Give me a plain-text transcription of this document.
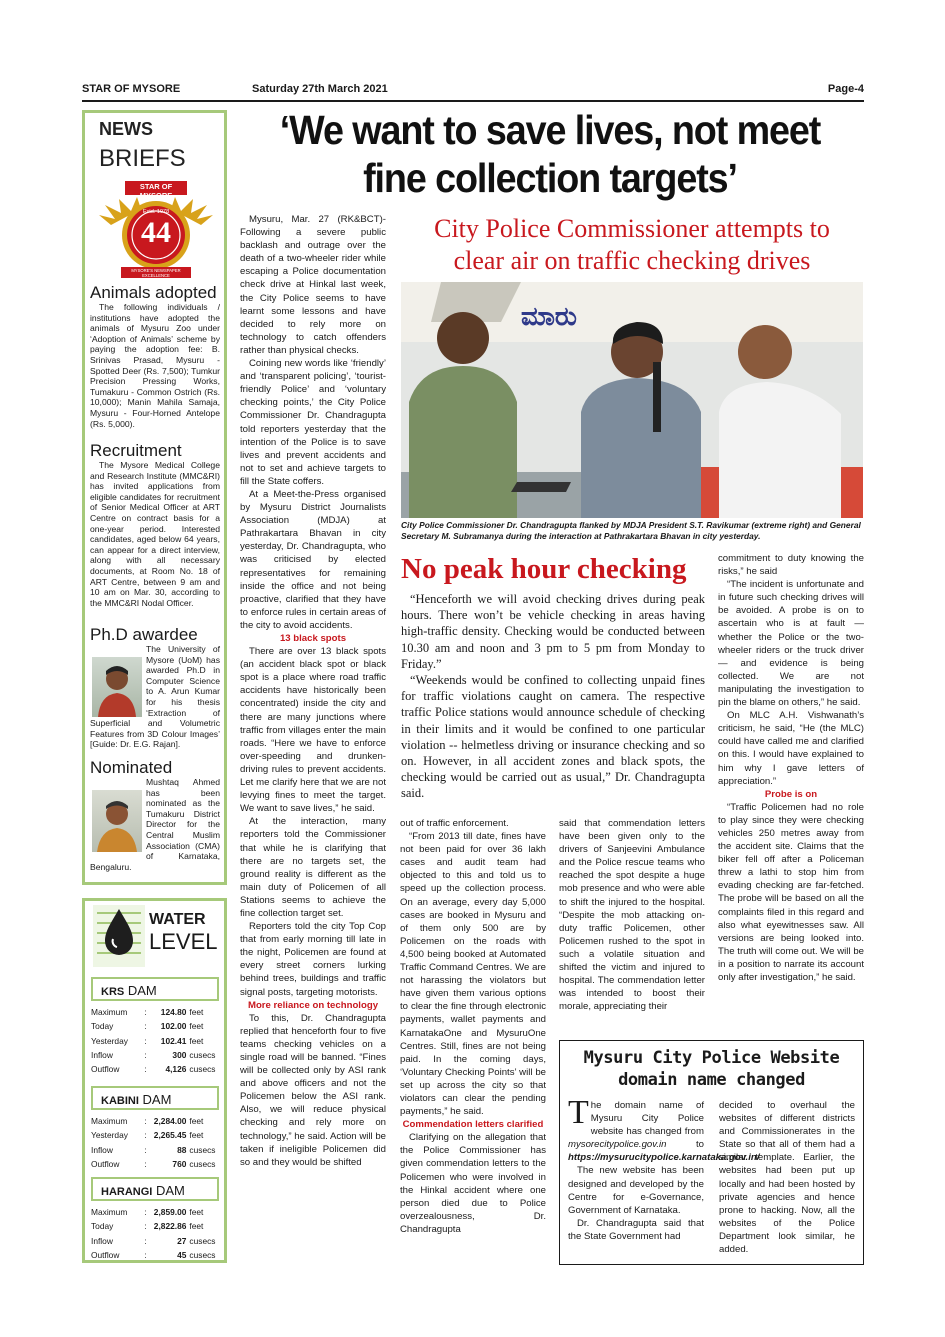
STAR OF MYSORE	Saturday 27th March 2021	Page-4
NEWS
BRIEFS
STAR OF MYSORE
Estd. 1978
44
MYSORE'S NEWSPAPER EXCELLENCE
Animals adopted
The following individuals / institutions have adopted the animals of Mysuru Zoo under ‘Adoption of Animals’ scheme by paying the adoption fee: B. Srinivas Prasad, Mysuru - Spotted Deer (Rs. 7,500); Tumkur Precision Pressing Works, Tumakuru - Common Ostrich (Rs. 10,000); Manin Mahila Samaja, Mysuru - Four-Horned Antelope (Rs. 5,000).
Recruitment
The Mysore Medical College and Research Institute (MMC&RI) has invited applications from eligible candidates for recruitment of Senior Medical Officer at ART Centre on contract basis for a one-year period. Interested candidates, aged below 64 years, can appear for a direct interview, along with all necessary documents, at Room No. 18 of ART Centre, between 9 am and 10 am on Mar. 30, according to the MMC&RI Nodal Officer.
Ph.D awardee
The University of Mysore (UoM) has awarded Ph.D in Computer Science to A. Arun Kumar for his thesis ‘Extraction of Superficial and Volumetric Features from 3D Colour Images’ [Guide: Dr. E.G. Rajan].
Nominated
Mushtaq Ahmed has been nominated as the Tumakuru District Director for the Central Muslim Association (CMA) of Karnataka, Bengaluru.
WATER
LEVEL
KRS DAM
Maximum	:	124.80 feet
Today	:	102.00 feet
Yesterday	:	102.41 feet
Inflow	:	300 cusecs
Outflow	:	4,126 cusecs
KABINI DAM
Maximum	: 2,284.00 feet
Yesterday	: 2,265.45 feet
Inflow	:	88 cusecs
Outflow	:	760 cusecs
HARANGI DAM
Maximum	: 2,859.00 feet
Today	: 2,822.86 feet
Inflow	:	27 cusecs
Outflow	:	45 cusecs
‘We want to save lives, not meet
fine collection targets’
City Police Commissioner attempts to
clear air on traffic checking drives
ಮಾರು
City Police Commissioner Dr. Chandragupta flanked by MDJA President S.T. Ravikumar (extreme right) and General Secretary M. Subramanya during the interaction at Pathrakartara Bhavan in city yesterday.

Mysuru, Mar. 27 (RK&BCT)- Following a severe public backlash and outrage over the death of a two-wheeler rider while escaping a Police documentation check drive at Hinkal last week, the City Police seems to have learnt some lessons and have decided to rely more on technology to catch offenders rather than physical checks.

Coining new words like ‘friendly’ and ‘transparent policing’, ‘tourist-friendly Police’ and ‘voluntary checking points,’ the City Police Commissioner Dr. Chandragupta told reporters yesterday that the intention of the Police is to save lives and prevent accidents and not to set and achieve targets to fill the State coffers.

At a Meet-the-Press organised by Mysuru District Journalists Association (MDJA) at Pathrakartara Bhavan in city yesterday, Dr. Chandragupta, who was criticised by elected representatives for remaining inside the office and not being proactive, clarified that they have to enforce rules in certain areas of the city to avoid accidents.

13 black spots

There are over 13 black spots (an accident black spot or black spot is a place where road traffic accidents have historically been concentrated) inside the city and there are many junctions where traffic from villages enter the main roads. “Here we have to enforce over-speeding and drunken-driving rules to prevent accidents. Let me clarify here that we are not levying fines to meet the target. We want to save lives,” he said.

At the interaction, many reporters told the Commissioner that while he is clarifying that there are no targets set, the ground reality is different as the main duty of Policemen of all Stations seems to achieve the fine collection target set.

Reporters told the city Top Cop that from early morning till late in the night, Policemen are found at every street corners lurking behind trees, buildings and traffic signal posts, targeting motorists.

More reliance on technology

To this, Dr. Chandragupta replied that henceforth four to five teams checking vehicles on a single road will be banned. “Fines will be collected only by ASI rank and above officers and not the Policemen below the ASI rank. Also, we will reduce physical checking and rely more on technology,” he said. Action will be taken if ineligible Policemen did so and they would be shifted

No peak hour checking

“Henceforth we will avoid checking drives during peak hours. There won’t be vehicle checking in areas having high-traffic density. Checking would be conducted between 10.30 am and noon and 3 pm to 5 pm from Monday to Friday.”

“Weekends would be confined to collecting unpaid fines for traffic violations caught on camera. The respective traffic Police stations would announce schedule of checking in their limits and it would be confined to one particular violation -- helmetless driving or insurance checking and so on. However, in all accident zones and black spots, the checking would be carried out as usual,” Dr. Chandragupta said.

out of traffic enforcement.

“From 2013 till date, fines have not been paid for over 36 lakh cases and audit team had objected to this and told us to speed up the collection process. On an average, every day 5,000 cases are booked in Mysuru and of them only 500 are by Policemen on the roads with 4,500 being booked at Automated Traffic Command Centres. We are not harassing the violators but have given them various options to clear the fine through electronic payments, wallet payments and KarnatakaOne and MysuruOne Centres. Still, fines are not being paid. In the coming days, ‘Voluntary Checking Points’ will be set up across the city so that violators can clear the pending payments,” he said.

Commendation letters clarified

Clarifying on the allegation that the Police Commissioner has given commendation letters to the Policemen who were involved in the Hinkal accident where one person died due to Police overzealousness, Dr. Chandragupta

said that commendation letters have been given only to the drivers of Sanjeevini Ambulance and the Police rescue teams who reached the spot despite a huge mob presence and who were able to shift the injured to the hospital. “Despite the mob attacking on-duty traffic Policemen, other Policemen rushed to the spot in such a volatile situation and shifted the victim and injured to hospital. The commendation letter was intended to boost their morale, appreciating their

commitment to duty knowing the risks,” he said

“The incident is unfortunate and in future such checking drives will be avoided. A probe is on to ascertain who is at fault — whether the Police or the two-wheeler riders or the truck driver — and evidence is being collected. We are not manipulating the investigation to pin the blame on others,” he said.

On MLC A.H. Vishwanath’s criticism, he said, “He (the MLC) could have called me and clarified on this. I would have explained to him why I gave letters of appreciation.”

Probe is on

“Traffic Policemen had no role to play since they were checking vehicles 250 metres away from the accident site. Claims that the biker fell off after a Policeman threw a lathi to stop him from evading checking are far-fetched. The probe will be based on all the complaints filed in this regard and also what eyewitnesses saw. All versions are being looked into. The truth will come out. We will be in a position to narrate its account only after investigation,” he said.

Mysuru City Police Website
domain name changed

The domain name of Mysuru City Police website has changed from mysorecitypolice.gov.in to https://mysurucitypolice.karnataka.gov.in/

The new website has been designed and developed by the Centre for e-Governance, Government of Karnataka.

Dr. Chandragupta said that the State Government had

decided to overhaul the websites of different districts and Commissionerates in the State so that all of them had a similar template. Earlier, the websites had been put up locally and had been hosted by private agencies and hence prone to hacking. Now, all the websites of the Police Department look similar, he added.
